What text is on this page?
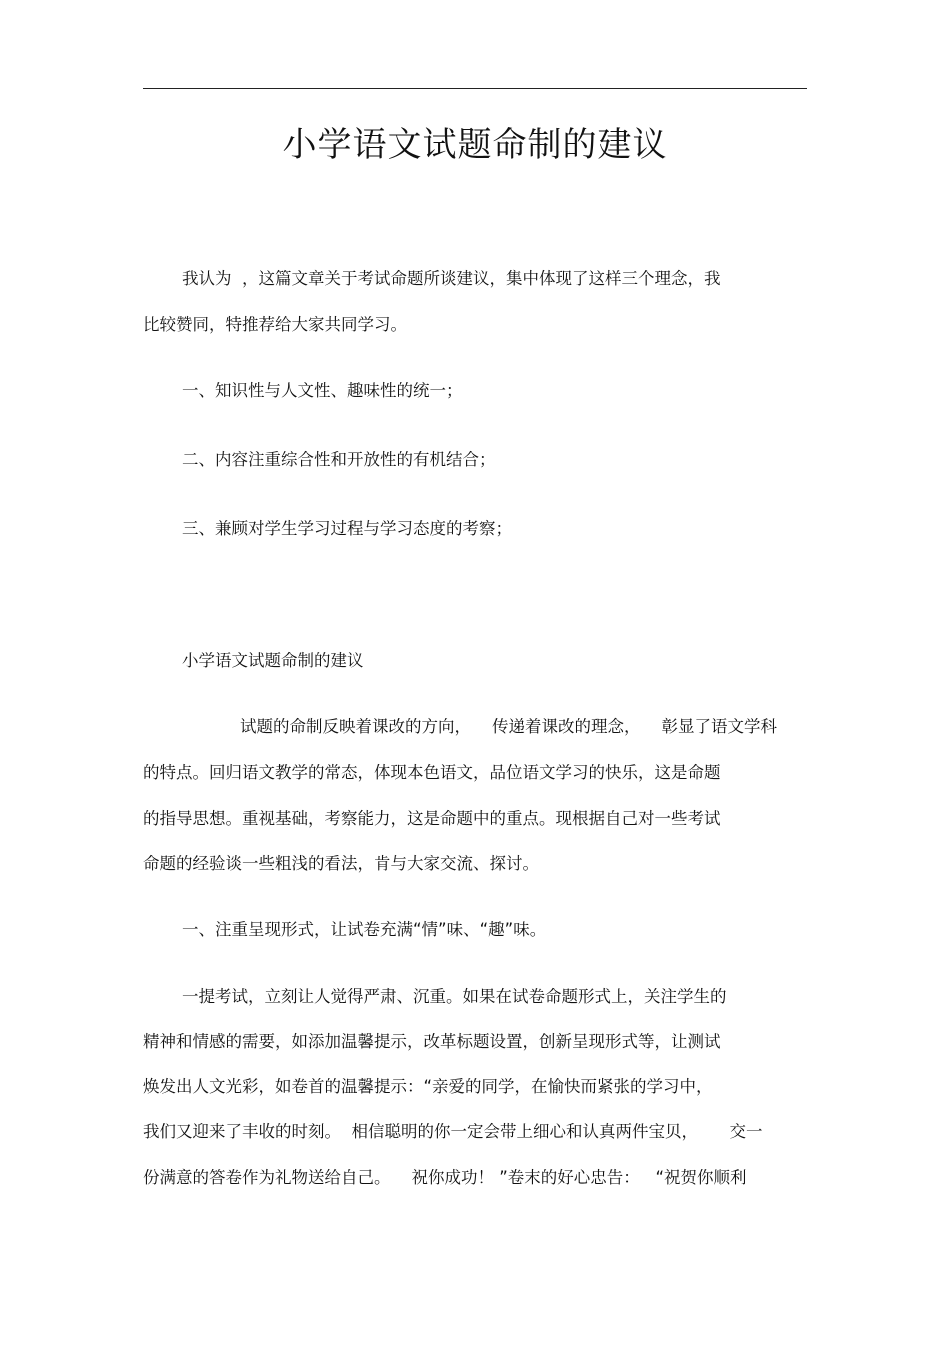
小学语文试题命制的建议
我认为  ，这篇文章关于考试命题所谈建议，集中体现了这样三个理念，我
比较赞同，特推荐给大家共同学习。
一、知识性与人文性、趣味性的统一；
二、内容注重综合性和开放性的有机结合；
三、兼顾对学生学习过程与学习态度的考察；
小学语文试题命制的建议
试题的命制反映着课改的方向，    传递着课改的理念，    彰显了语文学科
的特点。回归语文教学的常态，体现本色语文，品位语文学习的快乐，这是命题
的指导思想。重视基础，考察能力，这是命题中的重点。现根据自己对一些考试
命题的经验谈一些粗浅的看法，肯与大家交流、探讨。
一、注重呈现形式，让试卷充满“情”味、“趣”味。
一提考试，立刻让人觉得严肃、沉重。如果在试卷命题形式上，关注学生的
精神和情感的需要，如添加温馨提示，改革标题设置，创新呈现形式等，让测试
焕发出人文光彩，如卷首的温馨提示：“亲爱的同学，在愉快而紧张的学习中，
我们又迎来了丰收的时刻。  相信聪明的你一定会带上细心和认真两件宝贝，      交一
份满意的答卷作为礼物送给自己。    祝你成功！ ”卷末的好心忠告：   “祝贺你顺利
